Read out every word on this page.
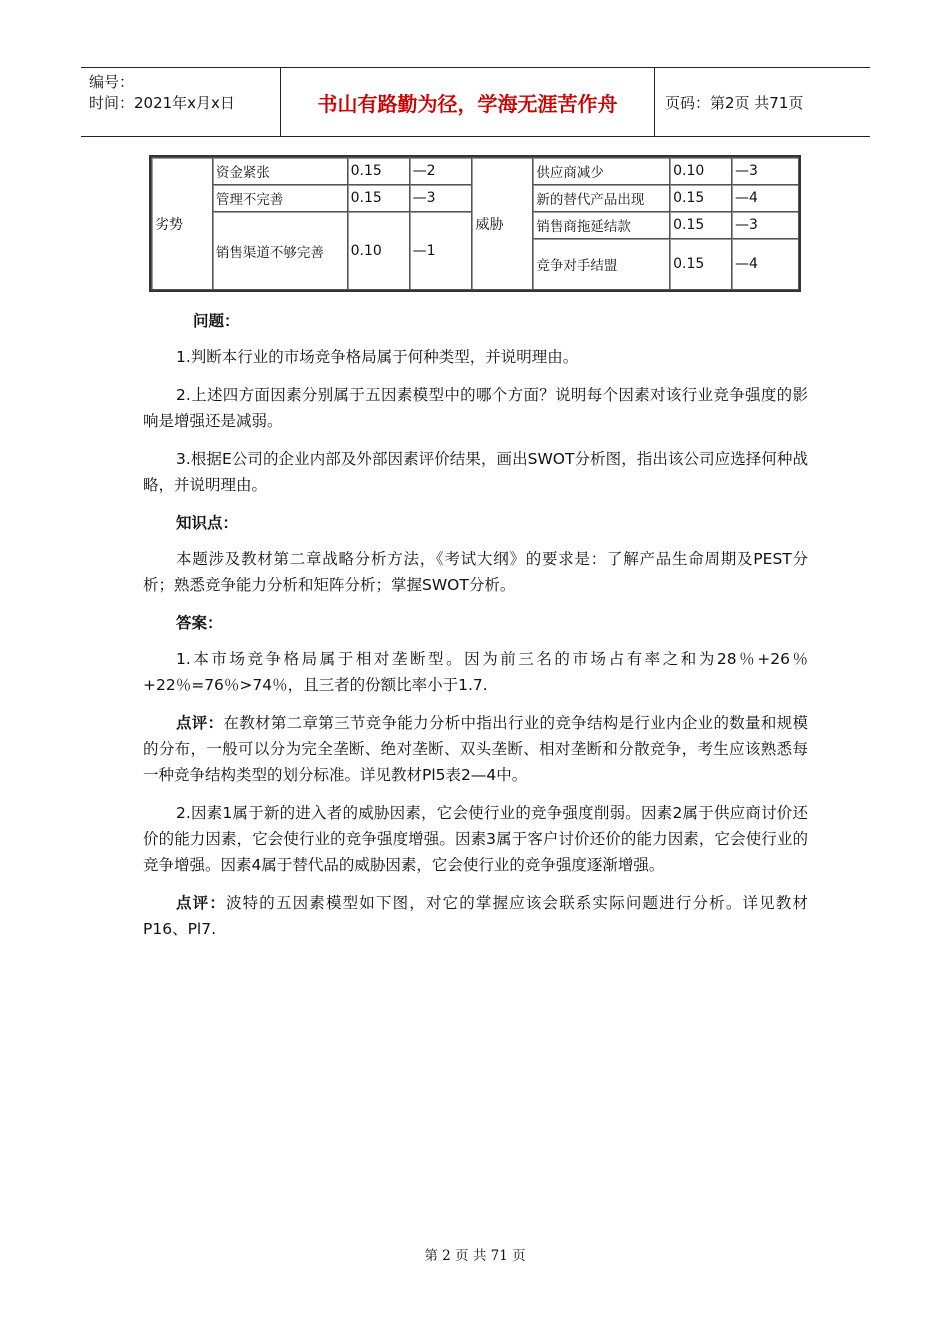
编号：
时间：2021年x月x日	书山有路勤为径，学海无涯苦作舟	页码：第2页 共71页
劣势	资金紧张	0.15	—2	威胁	供应商减少	0.10	—3
	管理不完善	0.15	—3		新的替代产品出现	0.15	—4
	销售渠道不够完善	0.10	—1		销售商拖延结款	0.15	—3
					竞争对手结盟	0.15	—4

问题：

1.判断本行业的市场竞争格局属于何种类型，并说明理由。

2.上述四方面因素分别属于五因素模型中的哪个方面？说明每个因素对该行业竞争强度的影响是增强还是减弱。

3.根据E公司的企业内部及外部因素评价结果，画出SWOT分析图，指出该公司应选择何种战略，并说明理由。

知识点：

本题涉及教材第二章战略分析方法，《考试大纲》的要求是：了解产品生命周期及PEST分析；熟悉竞争能力分析和矩阵分析；掌握SWOT分析。

答案：

1.本市场竞争格局属于相对垄断型。因为前三名的市场占有率之和为28％+26％+22％=76％>74％，且三者的份额比率小于1.7.

点评：在教材第二章第三节竞争能力分析中指出行业的竞争结构是行业内企业的数量和规模的分布，一般可以分为完全垄断、绝对垄断、双头垄断、相对垄断和分散竞争，考生应该熟悉每一种竞争结构类型的划分标准。详见教材Pl5表2—4中。

2.因素1属于新的进入者的威胁因素，它会使行业的竞争强度削弱。因素2属于供应商讨价还价的能力因素，它会使行业的竞争强度增强。因素3属于客户讨价还价的能力因素，它会使行业的竞争增强。因素4属于替代品的威胁因素，它会使行业的竞争强度逐渐增强。

点评：波特的五因素模型如下图，对它的掌握应该会联系实际问题进行分析。详见教材P16、Pl7.

第 2 页 共 71 页
